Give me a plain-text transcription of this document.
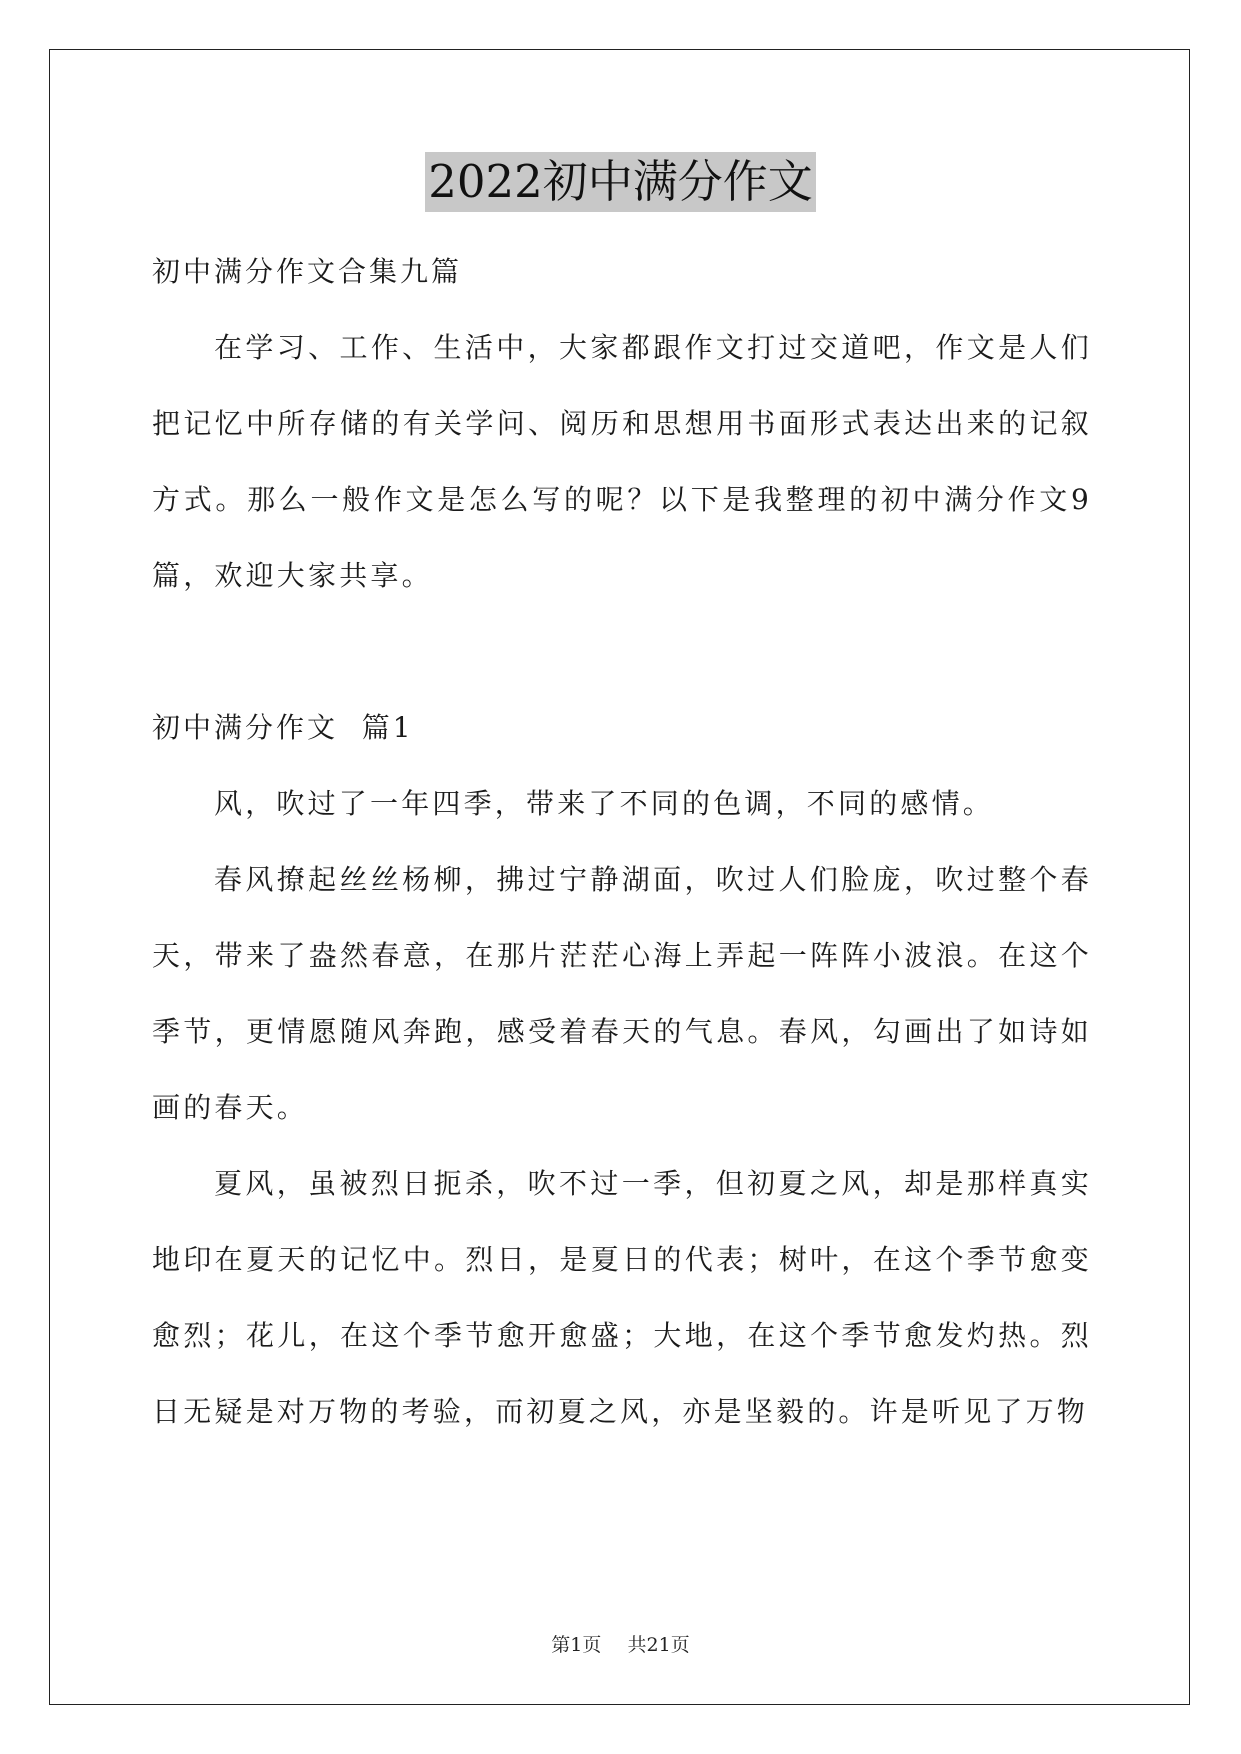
2022初中满分作文
初中满分作文合集九篇

在学习、工作、生活中，大家都跟作文打过交道吧，作文是人们把记忆中所存储的有关学问、阅历和思想用书面形式表达出来的记叙方式。那么一般作文是怎么写的呢？以下是我整理的初中满分作文9篇，欢迎大家共享。

初中满分作文  篇1

风，吹过了一年四季，带来了不同的色调，不同的感情。

春风撩起丝丝杨柳，拂过宁静湖面，吹过人们脸庞，吹过整个春天，带来了盎然春意，在那片茫茫心海上弄起一阵阵小波浪。在这个季节，更情愿随风奔跑，感受着春天的气息。春风，勾画出了如诗如画的春天。

夏风，虽被烈日扼杀，吹不过一季，但初夏之风，却是那样真实地印在夏天的记忆中。烈日，是夏日的代表；树叶，在这个季节愈变愈烈；花儿，在这个季节愈开愈盛；大地，在这个季节愈发灼热。烈日无疑是对万物的考验，而初夏之风，亦是坚毅的。许是听见了万物

第1页 共21页
